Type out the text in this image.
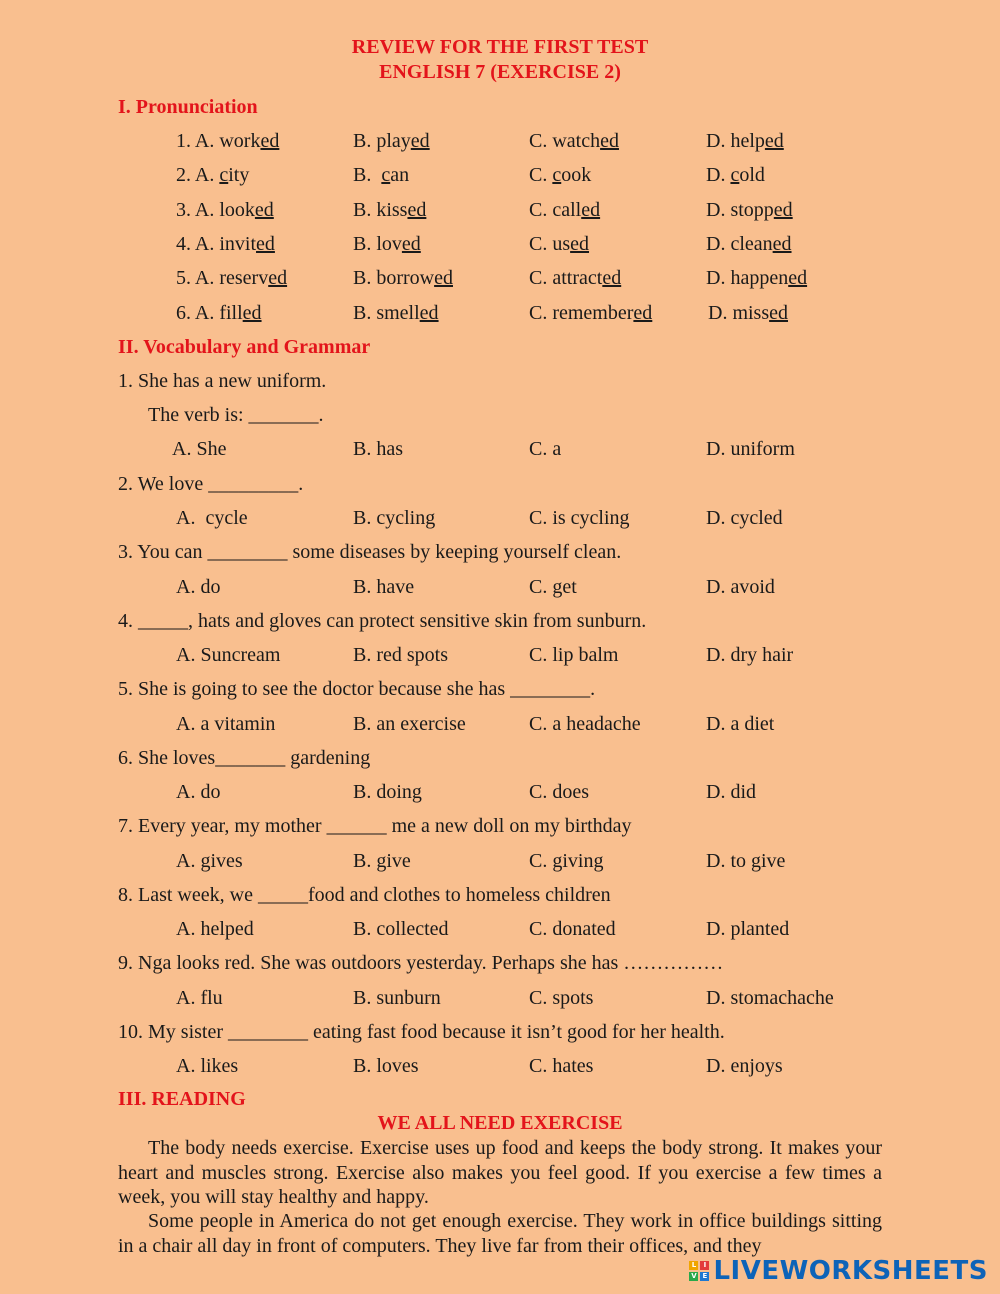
REVIEW FOR THE FIRST TEST
ENGLISH 7 (EXERCISE 2)
I. Pronunciation
1. A. worked	B. played	C. watched	D. helped
2. A. city	B.  can	C. cook	D. cold
3. A. looked	B. kissed	C. called	D. stopped
4. A. invited	B. loved	C. used	D. cleaned
5. A. reserved	B. borrowed	C. attracted	D. happened
6. A. filled	B. smelled	C. remembered	D. missed
II. Vocabulary and Grammar
1. She has a new uniform.
The verb is: _______.
A. She	B. has	C. a	D. uniform
2. We love _________.
A.  cycle	B. cycling	C. is cycling	D. cycled
3. You can ________ some diseases by keeping yourself clean.
A. do	B. have	C. get	D. avoid
4. _____, hats and gloves can protect sensitive skin from sunburn.
A. Suncream	B. red spots	C. lip balm	D. dry hair
5. She is going to see the doctor because she has ________.
A. a vitamin	B. an exercise	C. a headache	D. a diet
6. She loves_______ gardening
A. do	B. doing	C. does	D. did
7. Every year, my mother ______ me a new doll on my birthday
A. gives	B. give	C. giving	D. to give
8. Last week, we _____food and clothes to homeless children
A. helped	B. collected	C. donated	D. planted
9. Nga looks red. She was outdoors yesterday. Perhaps she has ……………
A. flu	B. sunburn	C. spots	D. stomachache
10. My sister ________ eating fast food because it isn’t good for her health.
A. likes	B. loves	C. hates	D. enjoys
III. READING
WE ALL NEED EXERCISE
The body needs exercise. Exercise uses up food and keeps the body strong. It makes your heart and muscles strong. Exercise also makes you feel good. If you exercise a few times a week, you will stay healthy and happy.
Some people in America do not get enough exercise. They work in office buildings sitting in a chair all day in front of computers. They live far from their offices, and they
L	I
V E LIVEWORKSHEETS
